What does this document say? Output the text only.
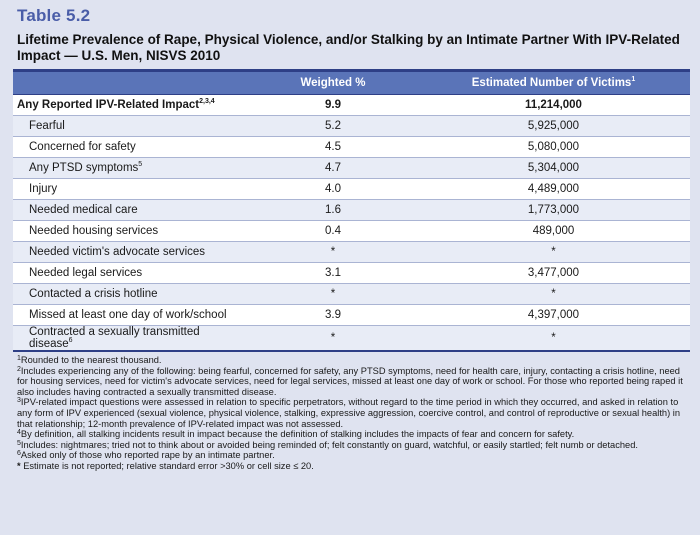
Table 5.2
Lifetime Prevalence of Rape, Physical Violence, and/or Stalking by an Intimate Partner With IPV-Related Impact — U.S. Men, NISVS 2010
	Weighted %	Estimated Number of Victims$^1$
Any Reported IPV-Related Impact$^{2,3,4}$	9.9	11,214,000
Fearful	5.2	5,925,000
Concerned for safety	4.5	5,080,000
Any PTSD symptoms$^5$	4.7	5,304,000
Injury	4.0	4,489,000
Needed medical care	1.6	1,773,000
Needed housing services	0.4	489,000
Needed victim's advocate services	*	*
Needed legal services	3.1	3,477,000
Contacted a crisis hotline	*	*
Missed at least one day of work/school	3.9	4,397,000
Contracted a sexually transmitted disease$^6$	*	*

$^1$Rounded to the nearest thousand.

$^2$Includes experiencing any of the following: being fearful, concerned for safety, any PTSD symptoms, need for health care, injury, contacting a crisis hotline, need for housing services, need for victim's advocate services, need for legal services, missed at least one day of work or school. For those who reported being raped it also includes having contracted a sexually transmitted disease.

$^3$IPV-related impact questions were assessed in relation to specific perpetrators, without regard to the time period in which they occurred, and asked in relation to any form of IPV experienced (sexual violence, physical violence, stalking, expressive aggression, coercive control, and control of reproductive or sexual health) in that relationship; 12-month prevalence of IPV-related impact was not assessed.

$^4$By definition, all stalking incidents result in impact because the definition of stalking includes the impacts of fear and concern for safety.

$^5$Includes: nightmares; tried not to think about or avoided being reminded of; felt constantly on guard, watchful, or easily startled; felt numb or detached.

$^6$Asked only of those who reported rape by an intimate partner.

* Estimate is not reported; relative standard error >30% or cell size ≤ 20.
